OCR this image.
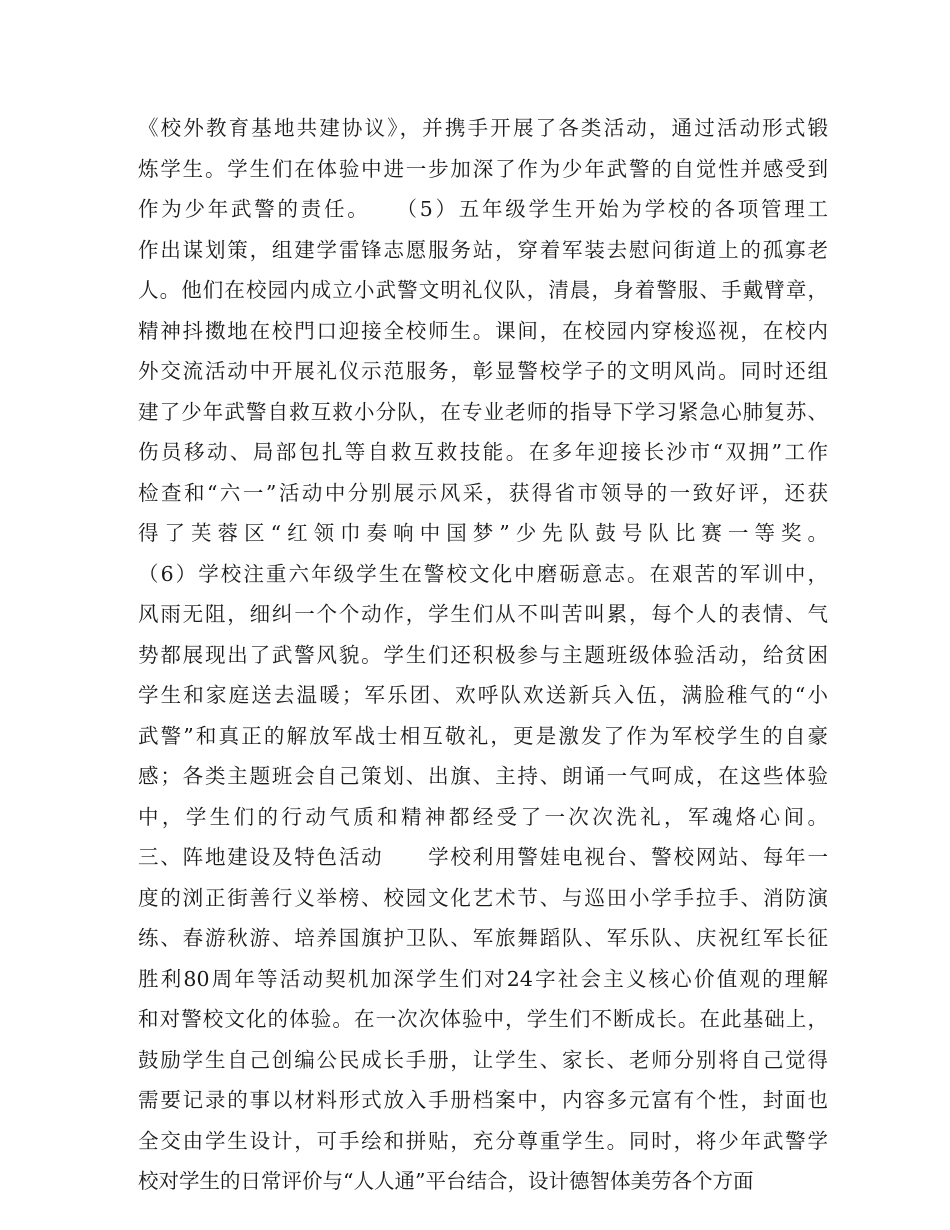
《校外教育基地共建协议》，并携手开展了各类活动，通过活动形式锻
炼学生。学生们在体验中进一步加深了作为少年武警的自觉性并感受到
作为少年武警的责任。　　（5）五年级学生开始为学校的各项管理工
作出谋划策，组建学雷锋志愿服务站，穿着军装去慰问街道上的孤寡老
人。他们在校园内成立小武警文明礼仪队，清晨，身着警服、手戴臂章，
精神抖擞地在校門口迎接全校师生。课间，在校园内穿梭巡视，在校内
外交流活动中开展礼仪示范服务，彰显警校学子的文明风尚。同时还组
建了少年武警自救互救小分队，在专业老师的指导下学习紧急心肺复苏、
伤员移动、局部包扎等自救互救技能。在多年迎接长沙市“双拥”工作
检查和“六一”活动中分别展示风采，获得省市领导的一致好评，还获
得了芙蓉区“红领巾奏响中国梦”少先队鼓号队比赛一等奖。
（6）学校注重六年级学生在警校文化中磨砺意志。在艰苦的军训中，
风雨无阻，细纠一个个动作，学生们从不叫苦叫累，每个人的表情、气
势都展现出了武警风貌。学生们还积极参与主题班级体验活动，给贫困
学生和家庭送去温暖；军乐团、欢呼队欢送新兵入伍，满脸稚气的“小
武警”和真正的解放军战士相互敬礼，更是激发了作为军校学生的自豪
感；各类主题班会自己策划、出旗、主持、朗诵一气呵成，在这些体验
中，学生们的行动气质和精神都经受了一次次洗礼，军魂烙心间。
三、阵地建设及特色活动　　学校利用警娃电视台、警校网站、每年一
度的浏正街善行义举榜、校园文化艺术节、与巡田小学手拉手、消防演
练、春游秋游、培养国旗护卫队、军旅舞蹈队、军乐队、庆祝红军长征
胜利80周年等活动契机加深学生们对24字社会主义核心价值观的理解
和对警校文化的体验。在一次次体验中，学生们不断成长。在此基础上，
鼓励学生自己创编公民成长手册，让学生、家长、老师分别将自己觉得
需要记录的事以材料形式放入手册档案中，内容多元富有个性，封面也
全交由学生设计，可手绘和拼贴，充分尊重学生。同时，将少年武警学
校对学生的日常评价与“人人通”平台结合，设计德智体美劳各个方面
